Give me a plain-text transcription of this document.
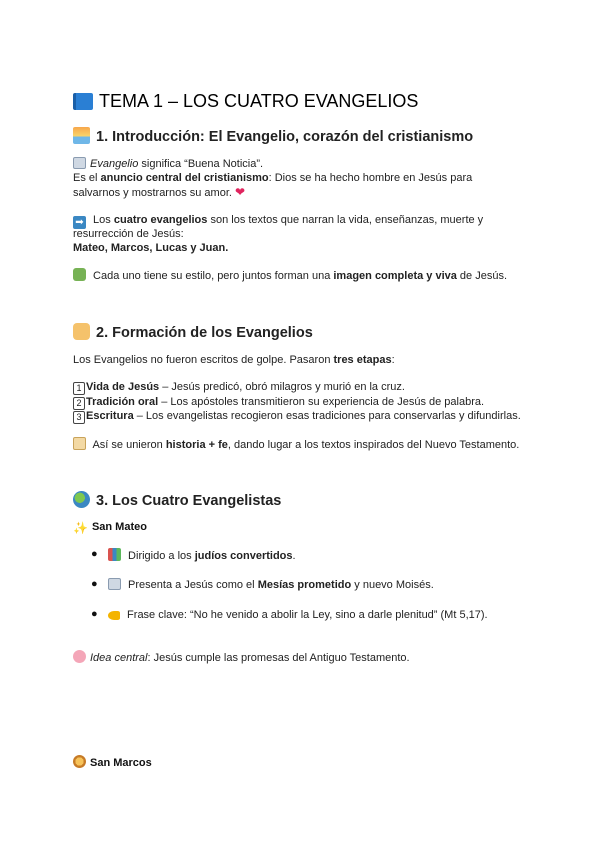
TEMA 1 – LOS CUATRO EVANGELIOS
1. Introducción: El Evangelio, corazón del cristianismo
Evangelio significa “Buena Noticia”.
Es el anuncio central del cristianismo: Dios se ha hecho hombre en Jesús para
salvarnos y mostrarnos su amor. ❤
➡ Los cuatro evangelios son los textos que narran la vida, enseñanzas, muerte y
resurrección de Jesús:
Mateo, Marcos, Lucas y Juan.
Cada uno tiene su estilo, pero juntos forman una imagen completa y viva de Jesús.
2. Formación de los Evangelios
Los Evangelios no fueron escritos de golpe. Pasaron tres etapas:
1 Vida de Jesús – Jesús predicó, obró milagros y murió en la cruz.
2 Tradición oral – Los apóstoles transmitieron su experiencia de Jesús de palabra.
3 Escritura – Los evangelistas recogieron esas tradiciones para conservarlas y difundirlas.
Así se unieron historia + fe, dando lugar a los textos inspirados del Nuevo Testamento.
3. Los Cuatro Evangelistas
✨ San Mateo
●	Dirigido a los judíos convertidos.
●	Presenta a Jesús como el Mesías prometido y nuevo Moisés.
●	Frase clave: “No he venido a abolir la Ley, sino a darle plenitud” (Mt 5,17).
Idea central: Jesús cumple las promesas del Antiguo Testamento.
San Marcos
